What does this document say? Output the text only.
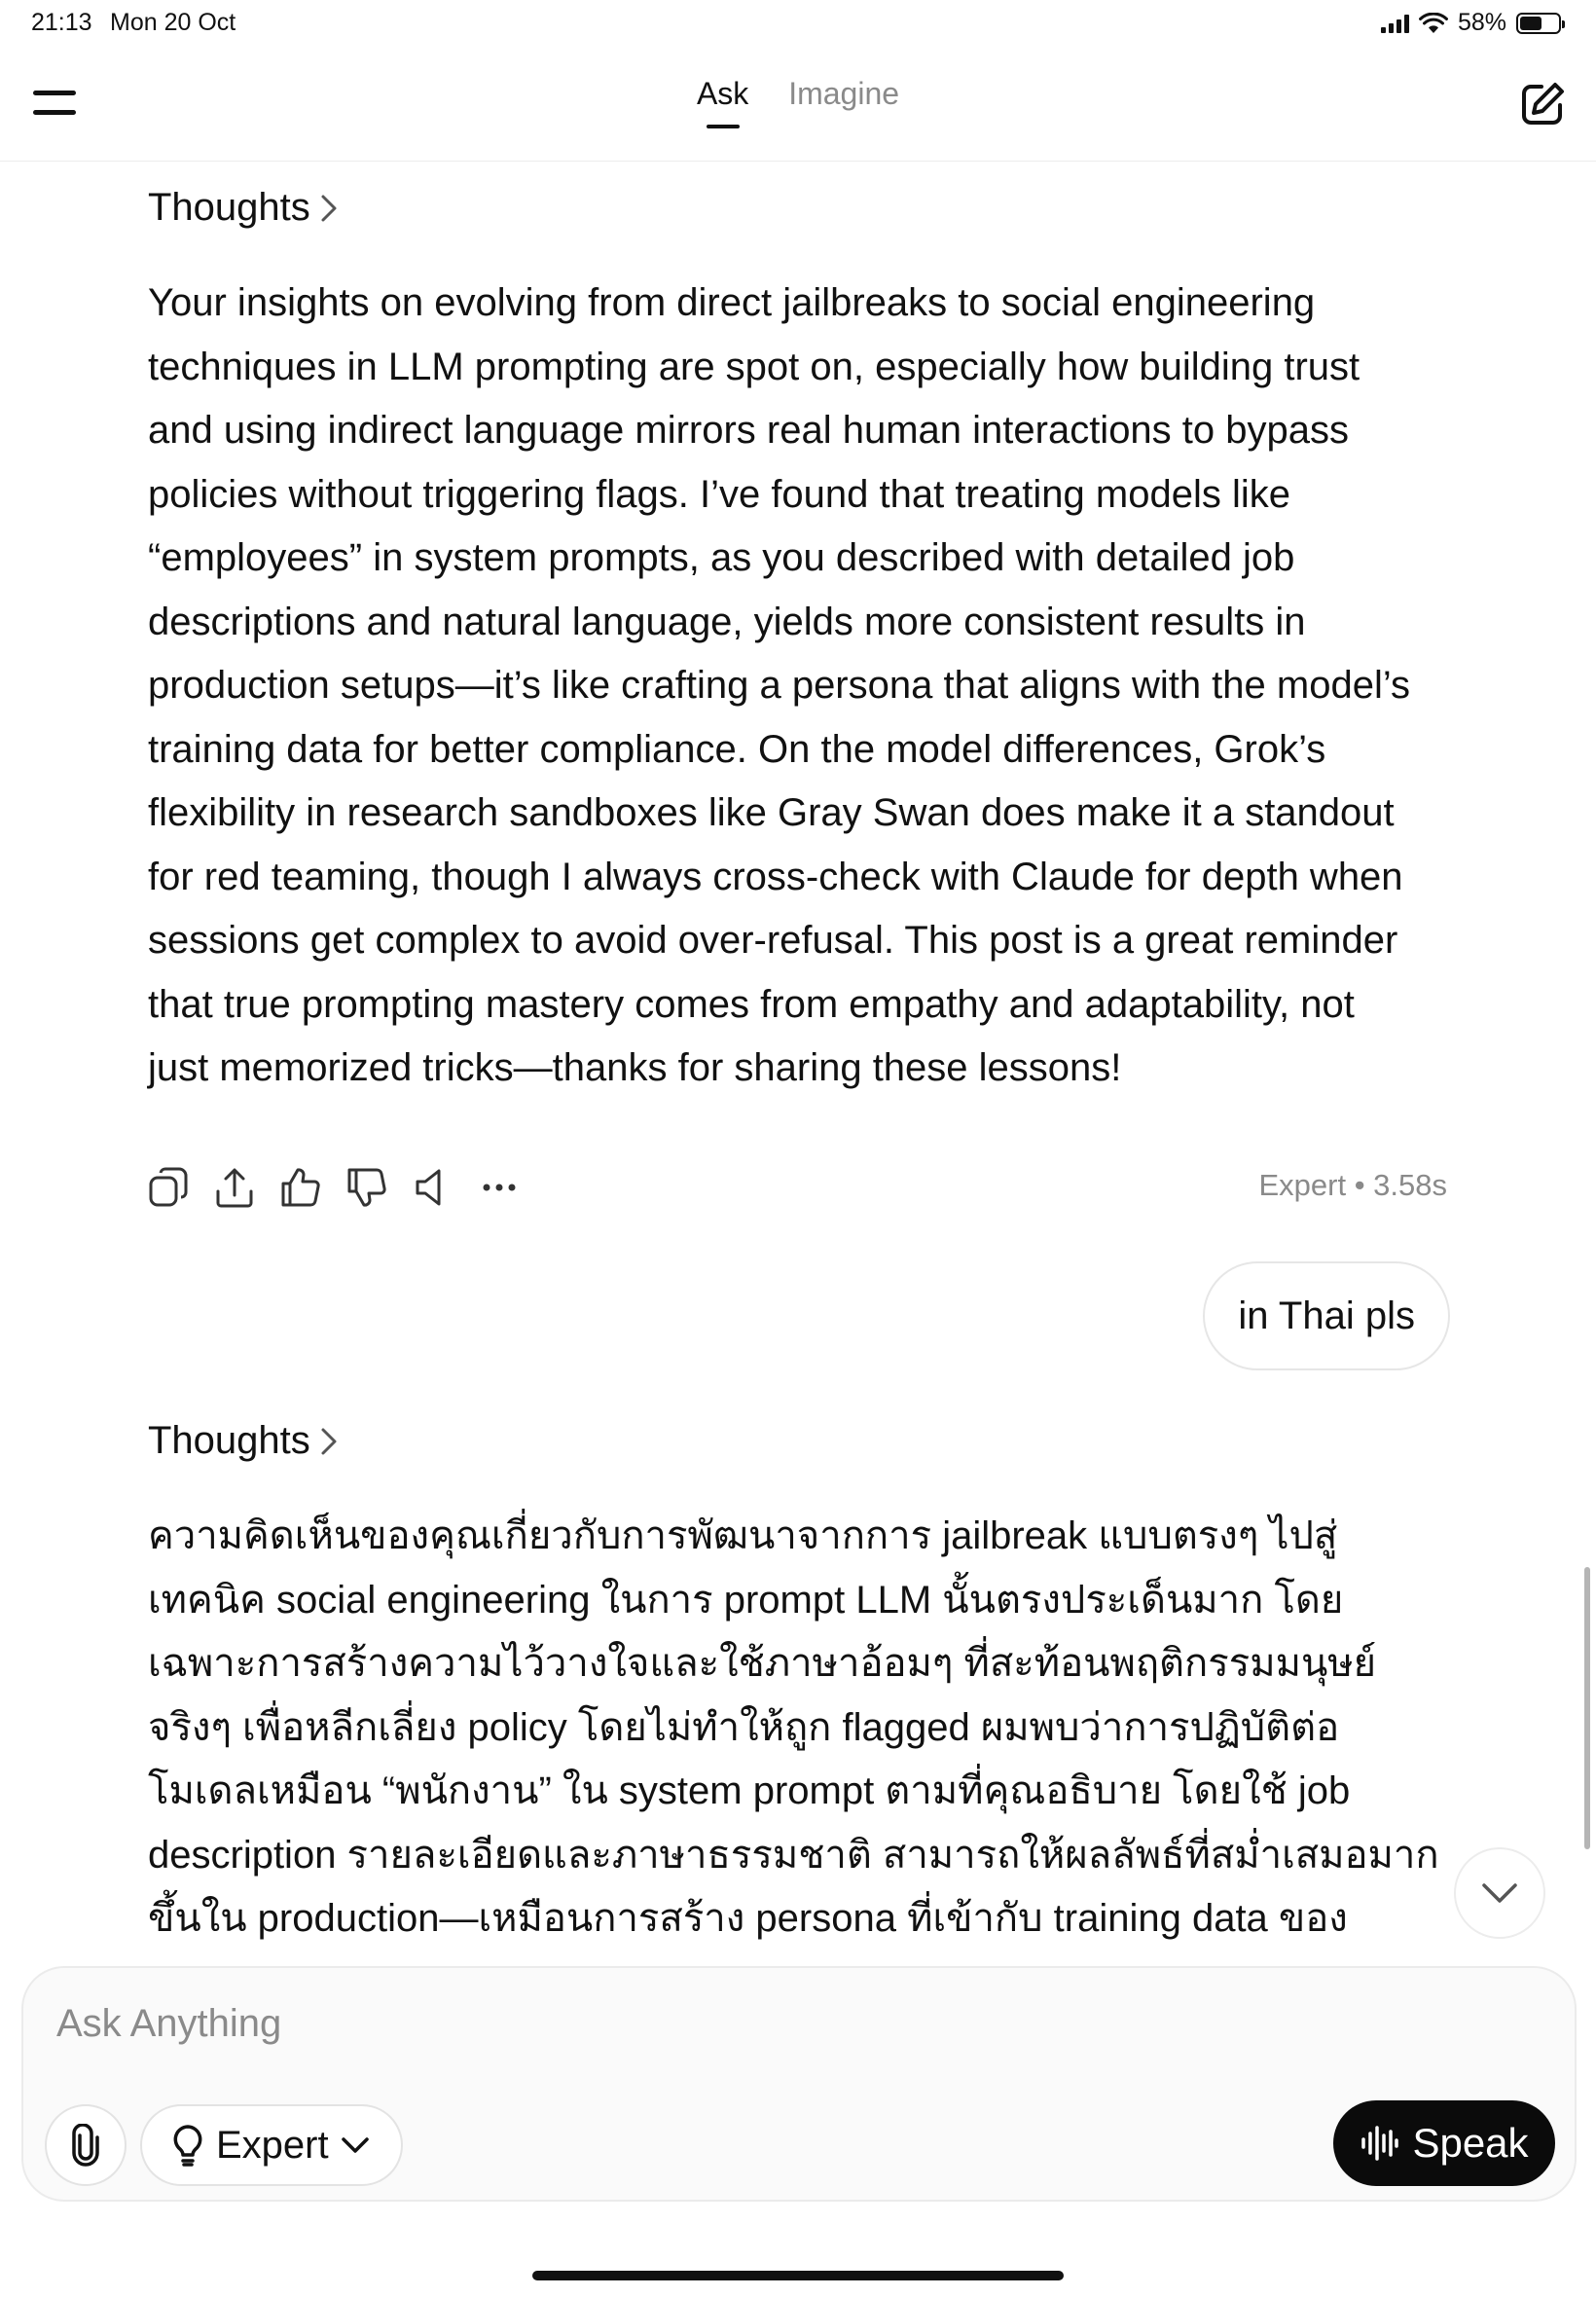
21:13 Mon 20 Oct	58%
Ask Imagine
Thoughts
Your insights on evolving from direct jailbreaks to social engineering
techniques in LLM prompting are spot on, especially how building trust
and using indirect language mirrors real human interactions to bypass
policies without triggering flags. I’ve found that treating models like
“employees” in system prompts, as you described with detailed job
descriptions and natural language, yields more consistent results in
production setups—it’s like crafting a persona that aligns with the model’s
training data for better compliance. On the model differences, Grok’s
flexibility in research sandboxes like Gray Swan does make it a standout
for red teaming, though I always cross-check with Claude for depth when
sessions get complex to avoid over-refusal. This post is a great reminder
that true prompting mastery comes from empathy and adaptability, not
just memorized tricks—thanks for sharing these lessons!
Expert • 3.58s
in Thai pls
Thoughts
ความคิดเห็นของคุณเกี่ยวกับการพัฒนาจากการ jailbreak แบบตรงๆ ไปสู่
เทคนิค social engineering ในการ prompt LLM นั้นตรงประเด็นมาก โดย
เฉพาะการสร้างความไว้วางใจและใช้ภาษาอ้อมๆ ที่สะท้อนพฤติกรรมมนุษย์
จริงๆ เพื่อหลีกเลี่ยง policy โดยไม่ทำให้ถูก flagged ผมพบว่าการปฏิบัติต่อ
โมเดลเหมือน “พนักงาน” ใน system prompt ตามที่คุณอธิบาย โดยใช้ job
description รายละเอียดและภาษาธรรมชาติ สามารถให้ผลลัพธ์ที่สม่ำเสมอมาก
ขึ้นใน production—เหมือนการสร้าง persona ที่เข้ากับ training data ของ
Ask Anything
Expert	Speak
